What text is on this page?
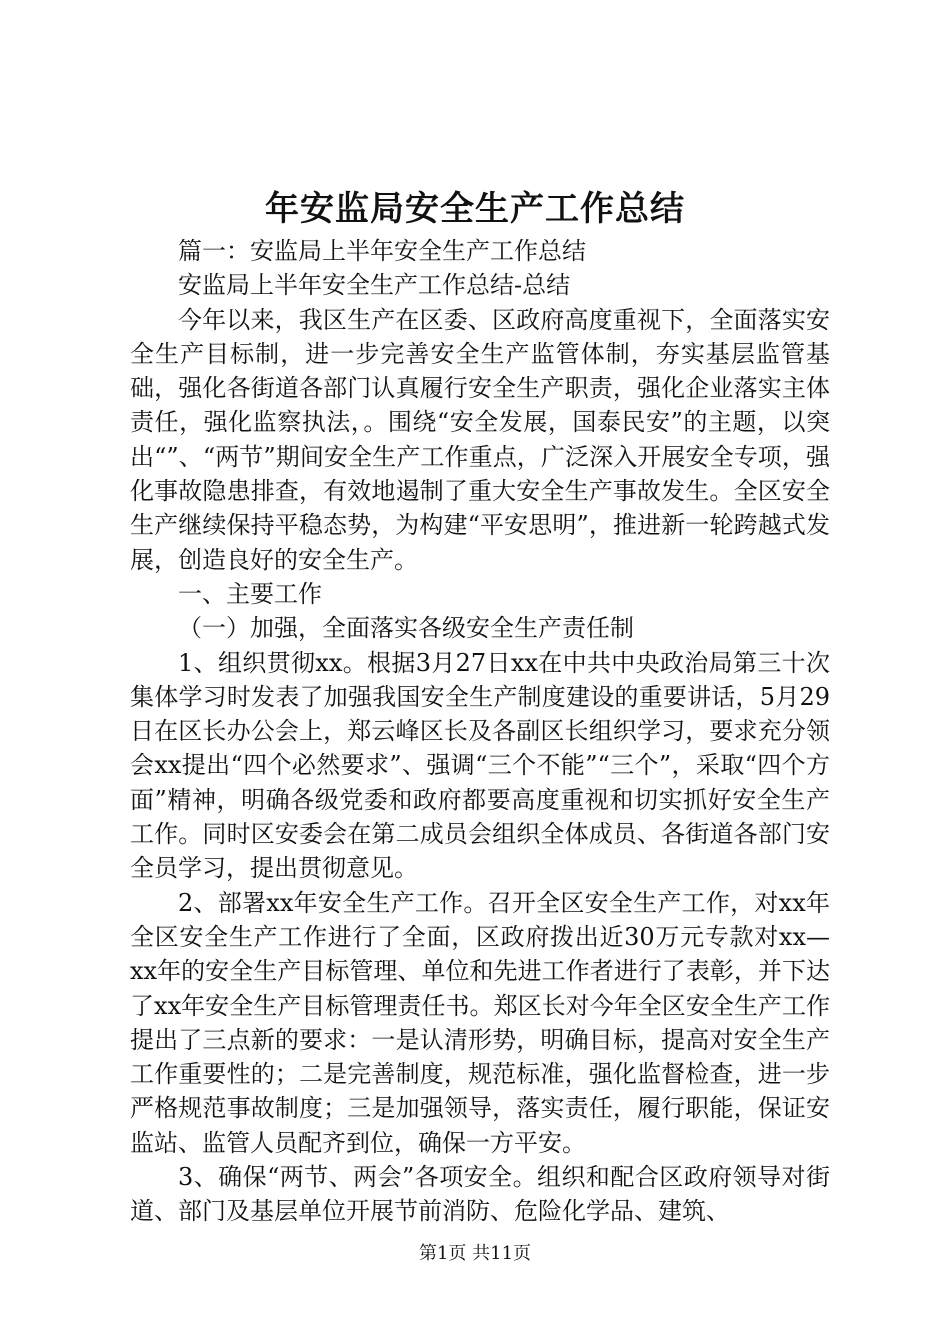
年安监局安全生产工作总结

篇一：安监局上半年安全生产工作总结

安监局上半年安全生产工作总结-总结

今年以来，我区生产在区委、区政府高度重视下，全面落实安全生产目标制，进一步完善安全生产监管体制，夯实基层监管基础，强化各街道各部门认真履行安全生产职责，强化企业落实主体责任，强化监察执法，。围绕“安全发展，国泰民安”的主题，以突出“”、“两节”期间安全生产工作重点，广泛深入开展安全专项，强化事故隐患排查，有效地遏制了重大安全生产事故发生。全区安全生产继续保持平稳态势，为构建“平安思明”，推进新一轮跨越式发展，创造良好的安全生产。

一、主要工作

（一）加强，全面落实各级安全生产责任制

1、组织贯彻xx。根据3月27日xx在中共中央政治局第三十次集体学习时发表了加强我国安全生产制度建设的重要讲话，5月29日在区长办公会上，郑云峰区长及各副区长组织学习，要求充分领会xx提出“四个必然要求”、强调“三个不能”“三个”，采取“四个方面”精神，明确各级党委和政府都要高度重视和切实抓好安全生产工作。同时区安委会在第二成员会组织全体成员、各街道各部门安全员学习，提出贯彻意见。

2、部署xx年安全生产工作。召开全区安全生产工作，对xx年全区安全生产工作进行了全面，区政府拨出近30万元专款对xx—xx年的安全生产目标管理、单位和先进工作者进行了表彰，并下达了xx年安全生产目标管理责任书。郑区长对今年全区安全生产工作提出了三点新的要求：一是认清形势，明确目标，提高对安全生产工作重要性的；二是完善制度，规范标准，强化监督检查，进一步严格规范事故制度；三是加强领导，落实责任，履行职能，保证安监站、监管人员配齐到位，确保一方平安。

3、确保“两节、两会”各项安全。组织和配合区政府领导对街道、部门及基层单位开展节前消防、危险化学品、建筑、

第1页 共11页
